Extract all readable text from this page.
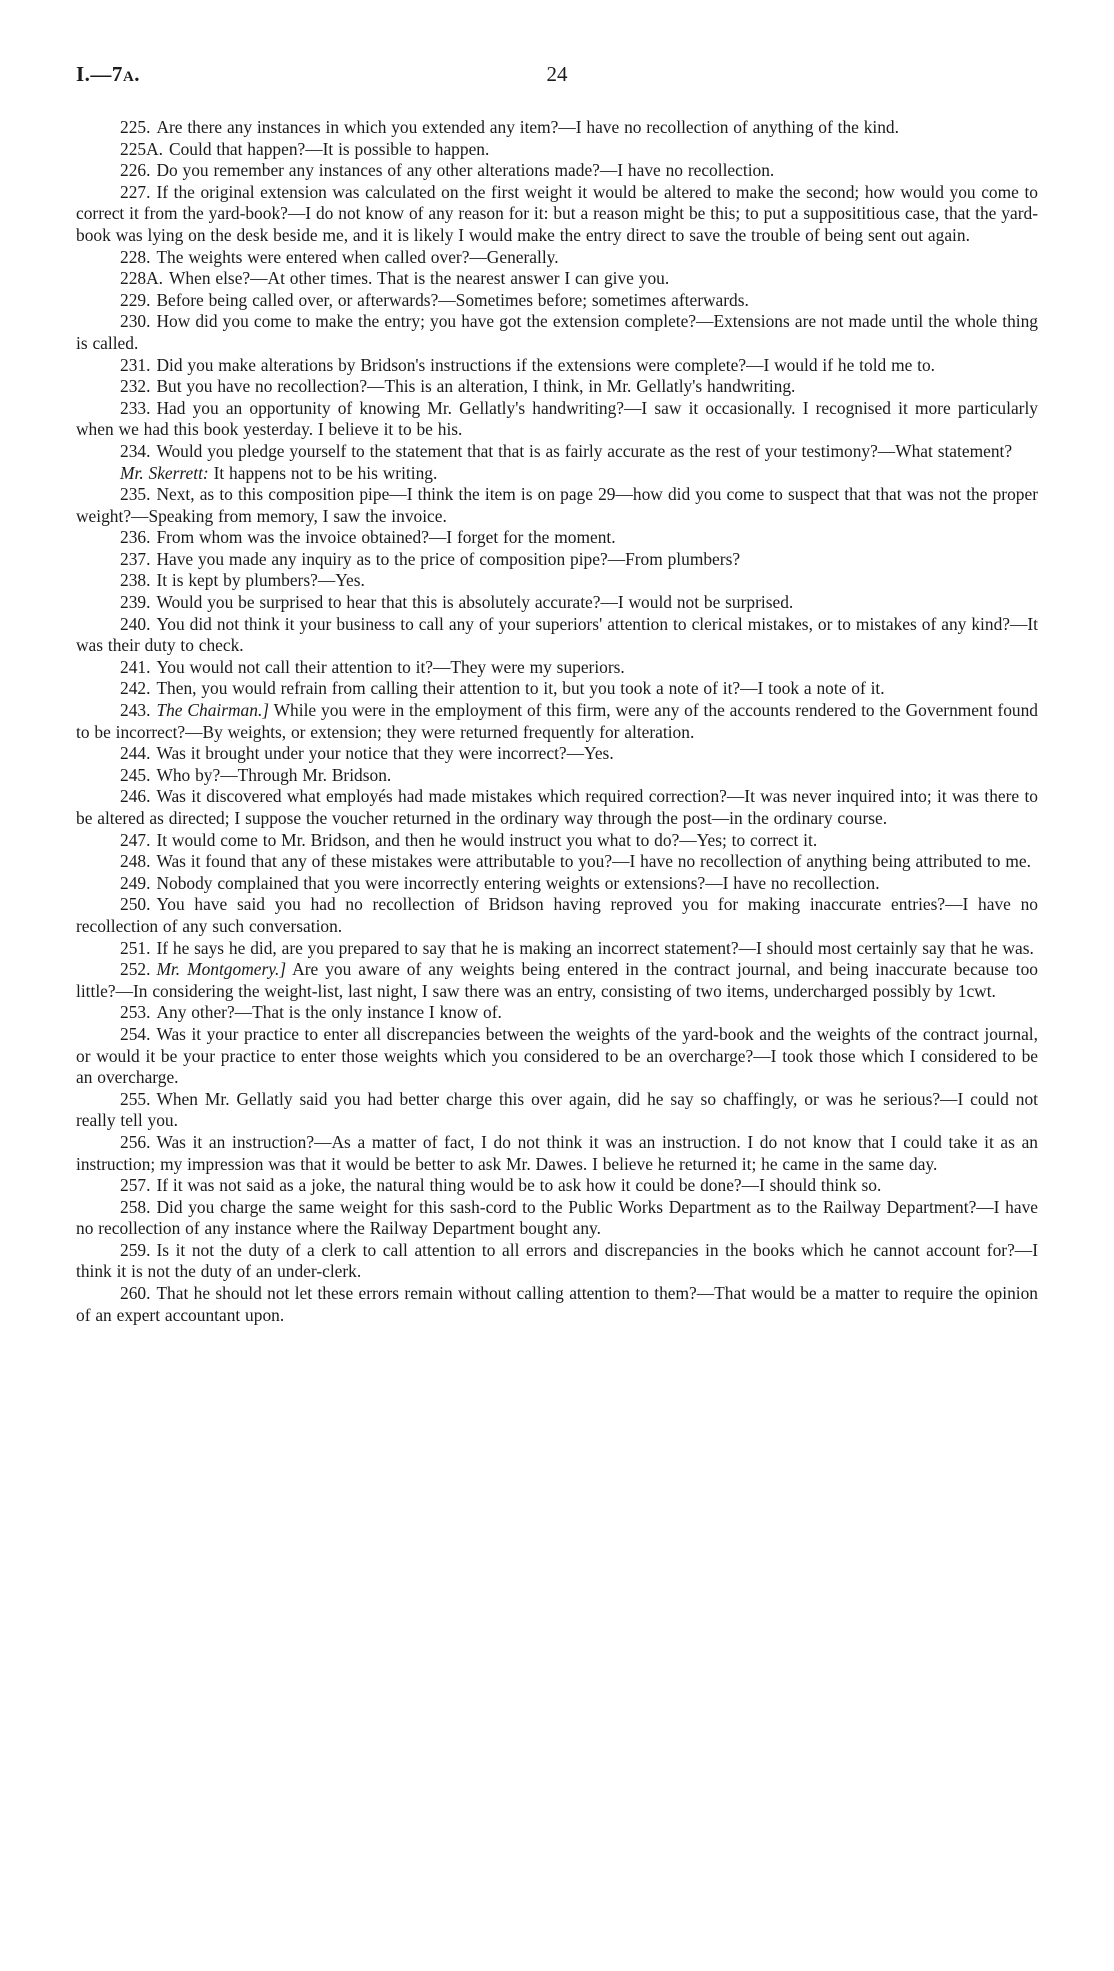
I.—7A.	24

225. Are there any instances in which you extended any item?—I have no recollection of anything of the kind.

225A. Could that happen?—It is possible to happen.

226. Do you remember any instances of any other alterations made?—I have no recollection.

227. If the original extension was calculated on the first weight it would be altered to make the second; how would you come to correct it from the yard-book?—I do not know of any reason for it: but a reason might be this; to put a supposititious case, that the yard-book was lying on the desk beside me, and it is likely I would make the entry direct to save the trouble of being sent out again.

228. The weights were entered when called over?—Generally.

228A. When else?—At other times. That is the nearest answer I can give you.

229. Before being called over, or afterwards?—Sometimes before; sometimes afterwards.

230. How did you come to make the entry; you have got the extension complete?—Extensions are not made until the whole thing is called.

231. Did you make alterations by Bridson's instructions if the extensions were complete?—I would if he told me to.

232. But you have no recollection?—This is an alteration, I think, in Mr. Gellatly's handwriting.

233. Had you an opportunity of knowing Mr. Gellatly's handwriting?—I saw it occasionally. I recognised it more particularly when we had this book yesterday. I believe it to be his.

234. Would you pledge yourself to the statement that that is as fairly accurate as the rest of your testimony?—What statement?

Mr. Skerrett: It happens not to be his writing.

235. Next, as to this composition pipe—I think the item is on page 29—how did you come to suspect that that was not the proper weight?—Speaking from memory, I saw the invoice.

236. From whom was the invoice obtained?—I forget for the moment.

237. Have you made any inquiry as to the price of composition pipe?—From plumbers?

238. It is kept by plumbers?—Yes.

239. Would you be surprised to hear that this is absolutely accurate?—I would not be surprised.

240. You did not think it your business to call any of your superiors' attention to clerical mistakes, or to mistakes of any kind?—It was their duty to check.

241. You would not call their attention to it?—They were my superiors.

242. Then, you would refrain from calling their attention to it, but you took a note of it?—I took a note of it.

243. The Chairman.] While you were in the employment of this firm, were any of the accounts rendered to the Government found to be incorrect?—By weights, or extension; they were returned frequently for alteration.

244. Was it brought under your notice that they were incorrect?—Yes.

245. Who by?—Through Mr. Bridson.

246. Was it discovered what employés had made mistakes which required correction?—It was never inquired into; it was there to be altered as directed; I suppose the voucher returned in the ordinary way through the post—in the ordinary course.

247. It would come to Mr. Bridson, and then he would instruct you what to do?—Yes; to correct it.

248. Was it found that any of these mistakes were attributable to you?—I have no recollection of anything being attributed to me.

249. Nobody complained that you were incorrectly entering weights or extensions?—I have no recollection.

250. You have said you had no recollection of Bridson having reproved you for making inaccurate entries?—I have no recollection of any such conversation.

251. If he says he did, are you prepared to say that he is making an incorrect statement?—I should most certainly say that he was.

252. Mr. Montgomery.] Are you aware of any weights being entered in the contract journal, and being inaccurate because too little?—In considering the weight-list, last night, I saw there was an entry, consisting of two items, undercharged possibly by 1cwt.

253. Any other?—That is the only instance I know of.

254. Was it your practice to enter all discrepancies between the weights of the yard-book and the weights of the contract journal, or would it be your practice to enter those weights which you considered to be an overcharge?—I took those which I considered to be an overcharge.

255. When Mr. Gellatly said you had better charge this over again, did he say so chaffingly, or was he serious?—I could not really tell you.

256. Was it an instruction?—As a matter of fact, I do not think it was an instruction. I do not know that I could take it as an instruction; my impression was that it would be better to ask Mr. Dawes. I believe he returned it; he came in the same day.

257. If it was not said as a joke, the natural thing would be to ask how it could be done?—I should think so.

258. Did you charge the same weight for this sash-cord to the Public Works Department as to the Railway Department?—I have no recollection of any instance where the Railway Department bought any.

259. Is it not the duty of a clerk to call attention to all errors and discrepancies in the books which he cannot account for?—I think it is not the duty of an under-clerk.

260. That he should not let these errors remain without calling attention to them?—That would be a matter to require the opinion of an expert accountant upon.
